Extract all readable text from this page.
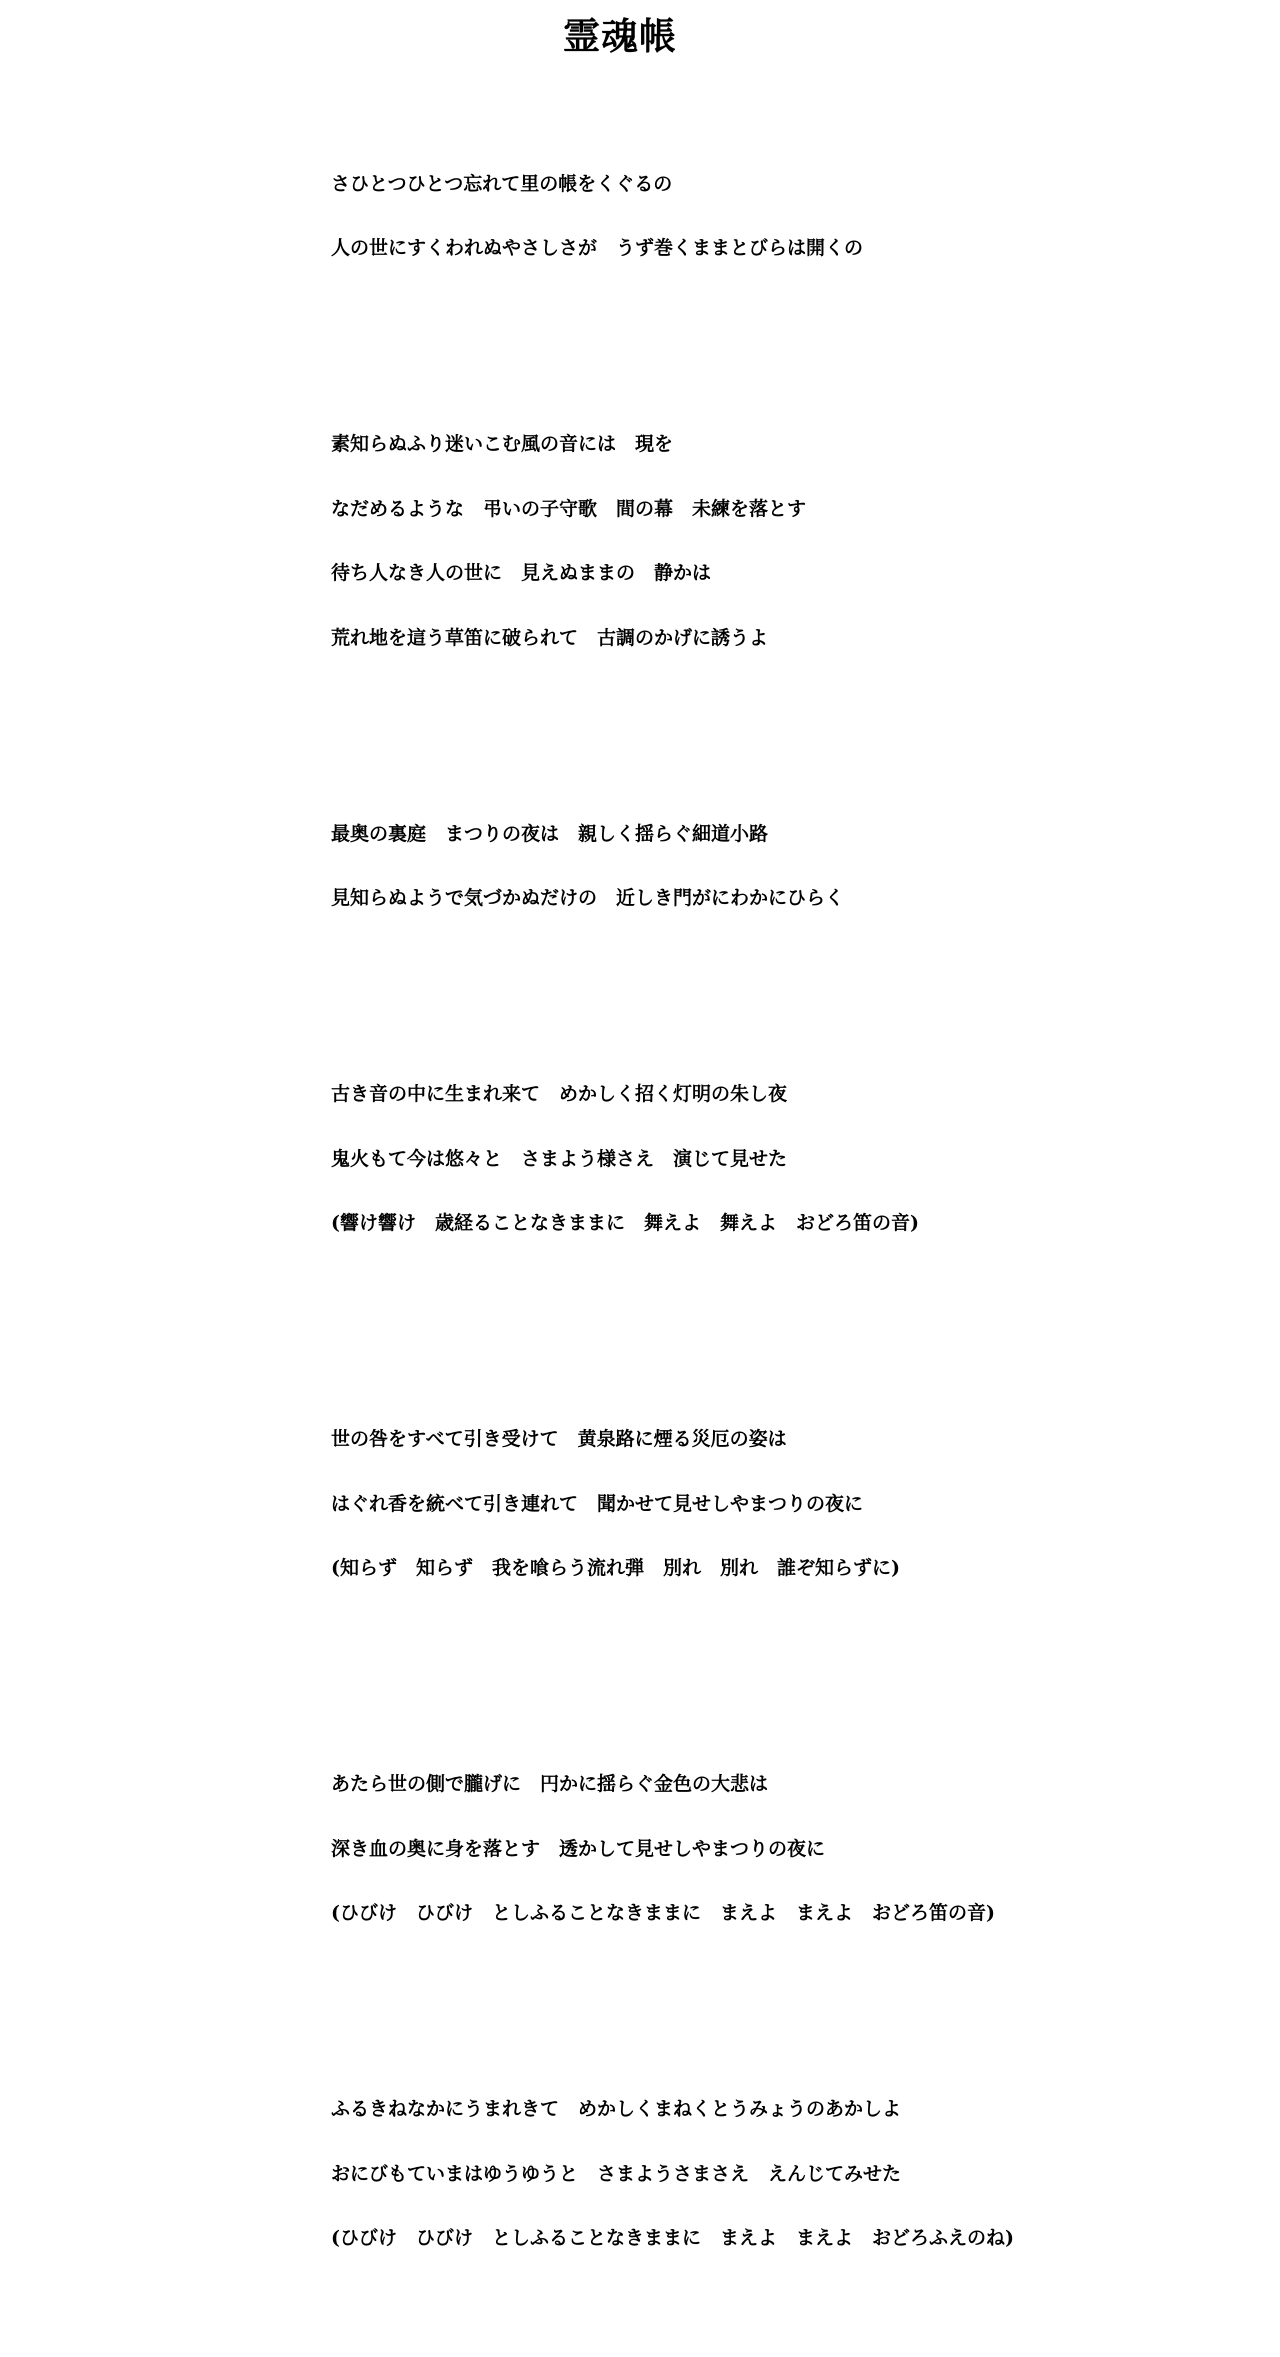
霊魂帳

さひとつひとつ忘れて里の帳をくぐるの

人の世にすくわれぬやさしさが　うず巻くままとびらは開くの

素知らぬふり迷いこむ風の音には　現を

なだめるような　弔いの子守歌　間の幕　未練を落とす

待ち人なき人の世に　見えぬままの　静かは

荒れ地を這う草笛に破られて　古調のかげに誘うよ

最奥の裏庭　まつりの夜は　親しく揺らぐ細道小路

見知らぬようで気づかぬだけの　近しき門がにわかにひらく

古き音の中に生まれ来て　めかしく招く灯明の朱し夜

鬼火もて今は悠々と　さまよう様さえ　演じて見せた

(響け響け　歳経ることなきままに　舞えよ　舞えよ　おどろ笛の音)

世の咎をすべて引き受けて　黄泉路に煙る災厄の姿は

はぐれ香を統べて引き連れて　聞かせて見せしやまつりの夜に

(知らず　知らず　我を喰らう流れ弾　別れ　別れ　誰ぞ知らずに)

あたら世の側で朧げに　円かに揺らぐ金色の大悲は

深き血の奥に身を落とす　透かして見せしやまつりの夜に

(ひびけ　ひびけ　としふることなきままに　まえよ　まえよ　おどろ笛の音)

ふるきねなかにうまれきて　めかしくまねくとうみょうのあかしよ

おにびもていまはゆうゆうと　さまようさまさえ　えんじてみせた

(ひびけ　ひびけ　としふることなきままに　まえよ　まえよ　おどろふえのね)
